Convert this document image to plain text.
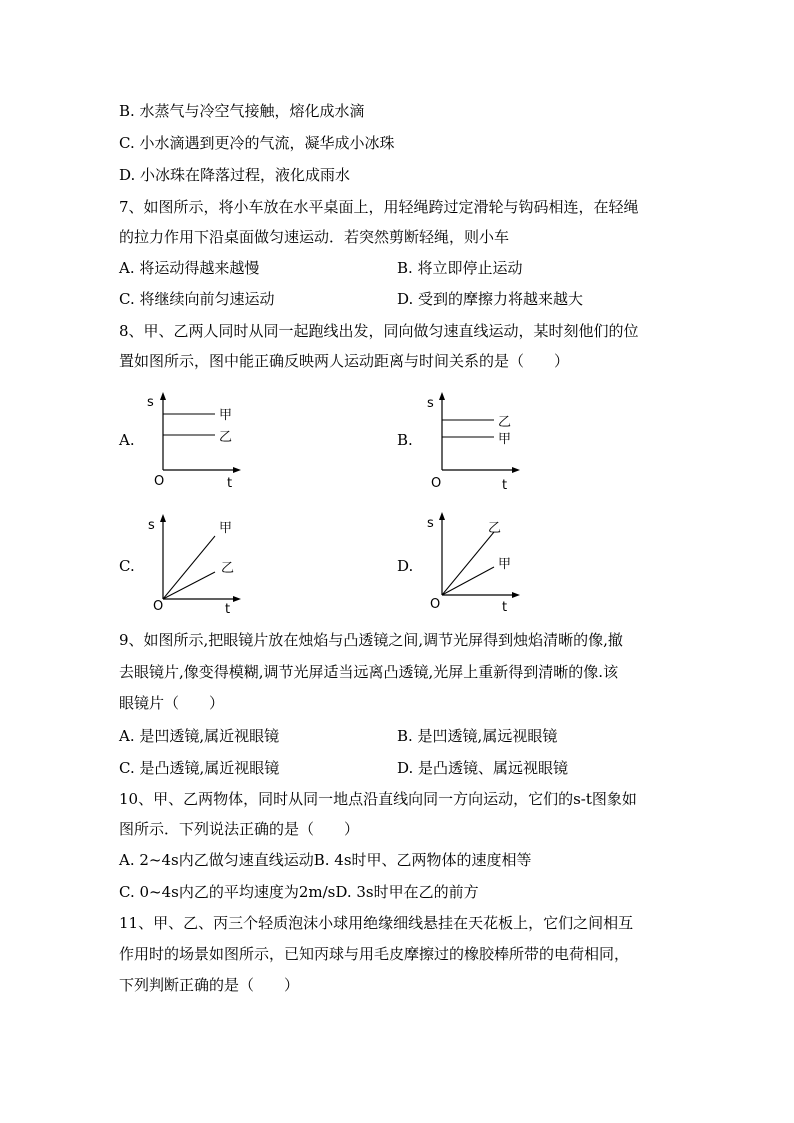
B. 水蒸气与冷空气接触，熔化成水滴
C. 小水滴遇到更冷的气流，凝华成小冰珠
D. 小冰珠在降落过程，液化成雨水
7、如图所示，将小车放在水平桌面上，用轻绳跨过定滑轮与钩码相连，在轻绳
的拉力作用下沿桌面做匀速运动．若突然剪断轻绳，则小车
A. 将运动得越来越慢	B. 将立即停止运动
C. 将继续向前匀速运动	D. 受到的摩擦力将越来越大
8、甲、乙两人同时从同一起跑线出发，同向做匀速直线运动，某时刻他们的位
置如图所示，图中能正确反映两人运动距离与时间关系的是（　　）
A.
s
O	t
甲
乙	B.
s
O	t
乙
甲
C.
s
O	t
甲
乙	D.
s
O	t
乙
甲
9、如图所示,把眼镜片放在烛焰与凸透镜之间,调节光屏得到烛焰清晰的像,撤
去眼镜片,像变得模糊,调节光屏适当远离凸透镜,光屏上重新得到清晰的像.该
眼镜片（　　）
A. 是凹透镜,属近视眼镜	B. 是凹透镜,属远视眼镜
C. 是凸透镜,属近视眼镜	D. 是凸透镜、属远视眼镜
10、甲、乙两物体，同时从同一地点沿直线向同一方向运动，它们的s-t图象如
图所示．下列说法正确的是（　　）
A. 2~4s内乙做匀速直线运动B. 4s时甲、乙两物体的速度相等
C. 0~4s内乙的平均速度为2m/sD. 3s时甲在乙的前方
11、甲、乙、丙三个轻质泡沫小球用绝缘细线悬挂在天花板上，它们之间相互
作用时的场景如图所示，已知丙球与用毛皮摩擦过的橡胶棒所带的电荷相同，
下列判断正确的是（　　）
